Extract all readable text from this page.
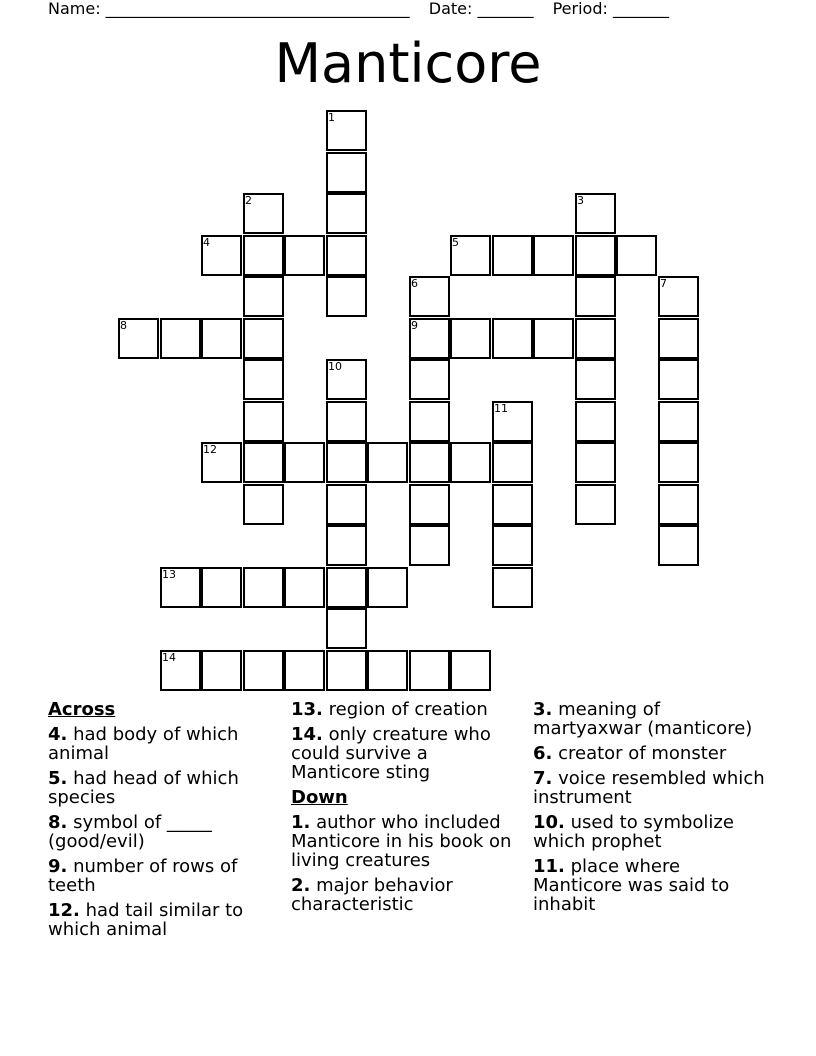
Name: ______________________________________ Date: _______ Period: _______
Manticore
1
2	3
4	5
6	7
8	9
10
11
12
13
14
Across
4. had body of which animal
5. had head of which species
8. symbol of _____ (good/evil)
9. number of rows of teeth
12. had tail similar to which animal
13. region of creation
14. only creature who could survive a Manticore sting
Down
1. author who included Manticore in his book on living creatures
2. major behavior characteristic
3. meaning of martyaxwar (manticore)
6. creator of monster
7. voice resembled which instrument
10. used to symbolize which prophet
11. place where Manticore was said to inhabit
